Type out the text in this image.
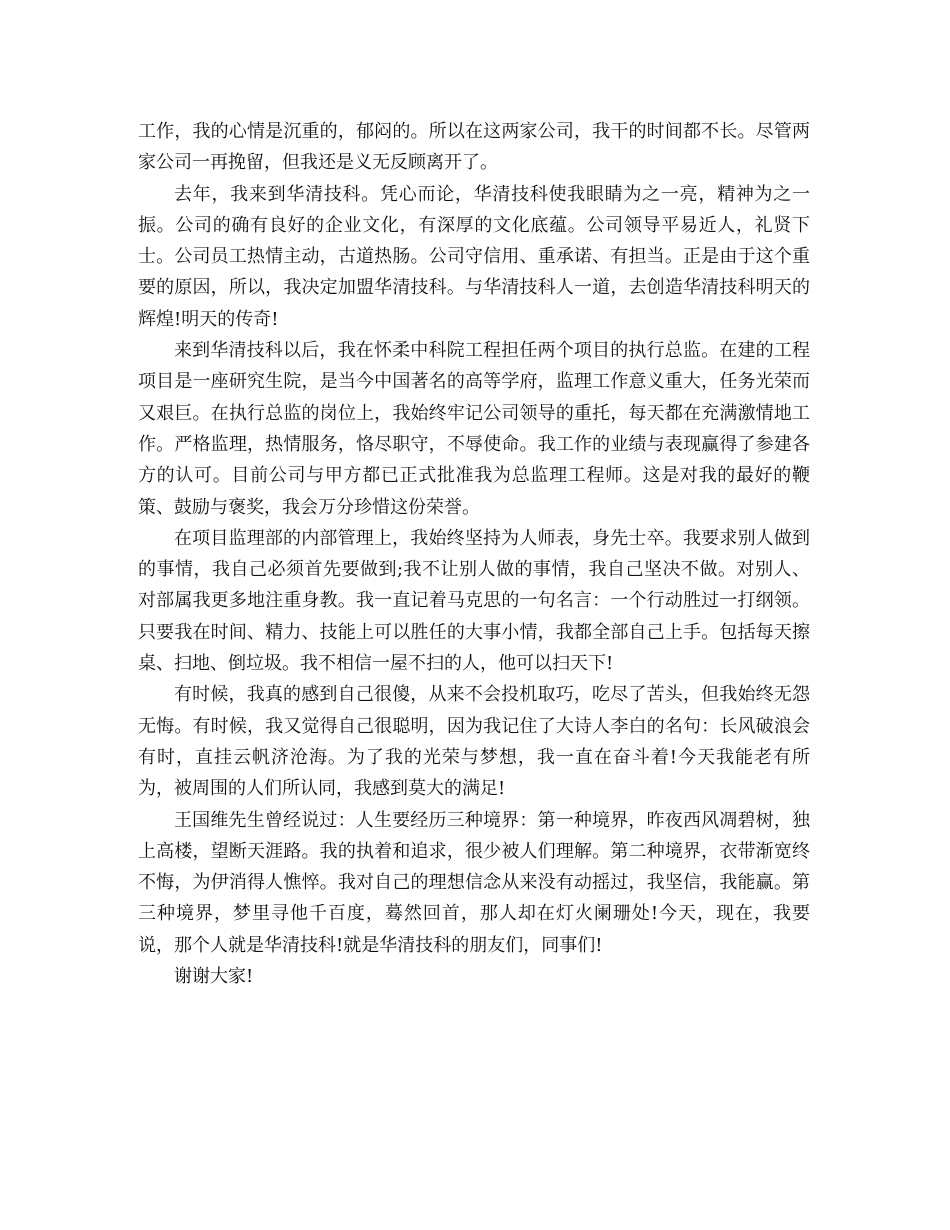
工作，我的心情是沉重的，郁闷的。所以在这两家公司，我干的时间都不长。尽管两家公司一再挽留，但我还是义无反顾离开了。

去年，我来到华清技科。凭心而论，华清技科使我眼睛为之一亮，精神为之一振。公司的确有良好的企业文化，有深厚的文化底蕴。公司领导平易近人，礼贤下士。公司员工热情主动，古道热肠。公司守信用、重承诺、有担当。正是由于这个重要的原因，所以，我决定加盟华清技科。与华清技科人一道，去创造华清技科明天的辉煌!明天的传奇!

来到华清技科以后，我在怀柔中科院工程担任两个项目的执行总监。在建的工程项目是一座研究生院，是当今中国著名的高等学府，监理工作意义重大，任务光荣而又艰巨。在执行总监的岗位上，我始终牢记公司领导的重托，每天都在充满激情地工作。严格监理，热情服务，恪尽职守，不辱使命。我工作的业绩与表现赢得了参建各方的认可。目前公司与甲方都已正式批准我为总监理工程师。这是对我的最好的鞭策、鼓励与褒奖，我会万分珍惜这份荣誉。

在项目监理部的内部管理上，我始终坚持为人师表，身先士卒。我要求别人做到的事情，我自己必须首先要做到;我不让别人做的事情，我自己坚决不做。对别人、对部属我更多地注重身教。我一直记着马克思的一句名言：一个行动胜过一打纲领。只要我在时间、精力、技能上可以胜任的大事小情，我都全部自己上手。包括每天擦桌、扫地、倒垃圾。我不相信一屋不扫的人，他可以扫天下!

有时候，我真的感到自己很傻，从来不会投机取巧，吃尽了苦头，但我始终无怨无悔。有时候，我又觉得自己很聪明，因为我记住了大诗人李白的名句：长风破浪会有时，直挂云帆济沧海。为了我的光荣与梦想，我一直在奋斗着!今天我能老有所为，被周围的人们所认同，我感到莫大的满足!

王国维先生曾经说过：人生要经历三种境界：第一种境界，昨夜西风凋碧树，独上高楼，望断天涯路。我的执着和追求，很少被人们理解。第二种境界，衣带渐宽终不悔，为伊消得人憔悴。我对自己的理想信念从来没有动摇过，我坚信，我能赢。第三种境界，梦里寻他千百度，蓦然回首，那人却在灯火阑珊处!今天，现在，我要说，那个人就是华清技科!就是华清技科的朋友们，同事们!

谢谢大家!
